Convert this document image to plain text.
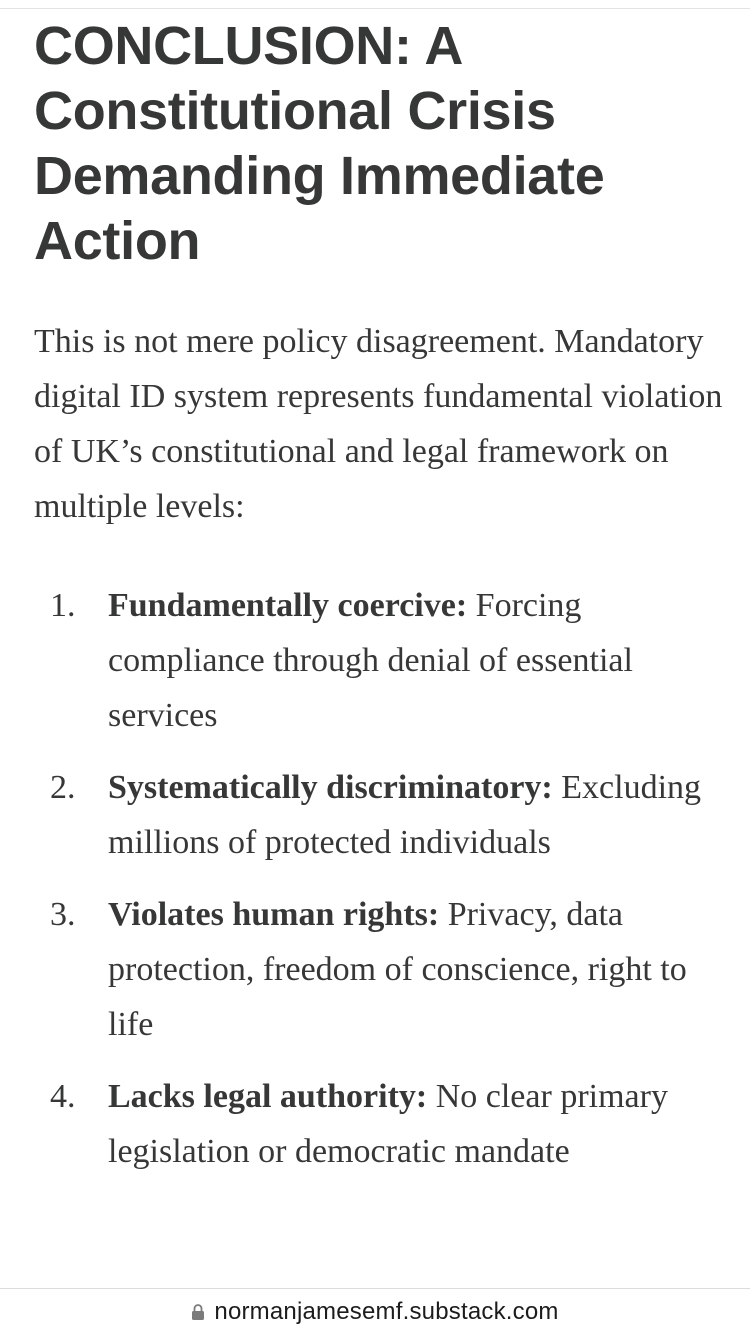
CONCLUSION: A Constitutional Crisis Demanding Immediate Action

This is not mere policy disagreement. Mandatory digital ID system represents fundamental violation of UK’s constitutional and legal framework on multiple levels:

1. Fundamentally coercive: Forcing compliance through denial of essential services
2. Systematically discriminatory: Excluding millions of protected individuals
3. Violates human rights: Privacy, data protection, freedom of conscience, right to life
4. Lacks legal authority: No clear primary legislation or democratic mandate
normanjamesemf.substack.com
